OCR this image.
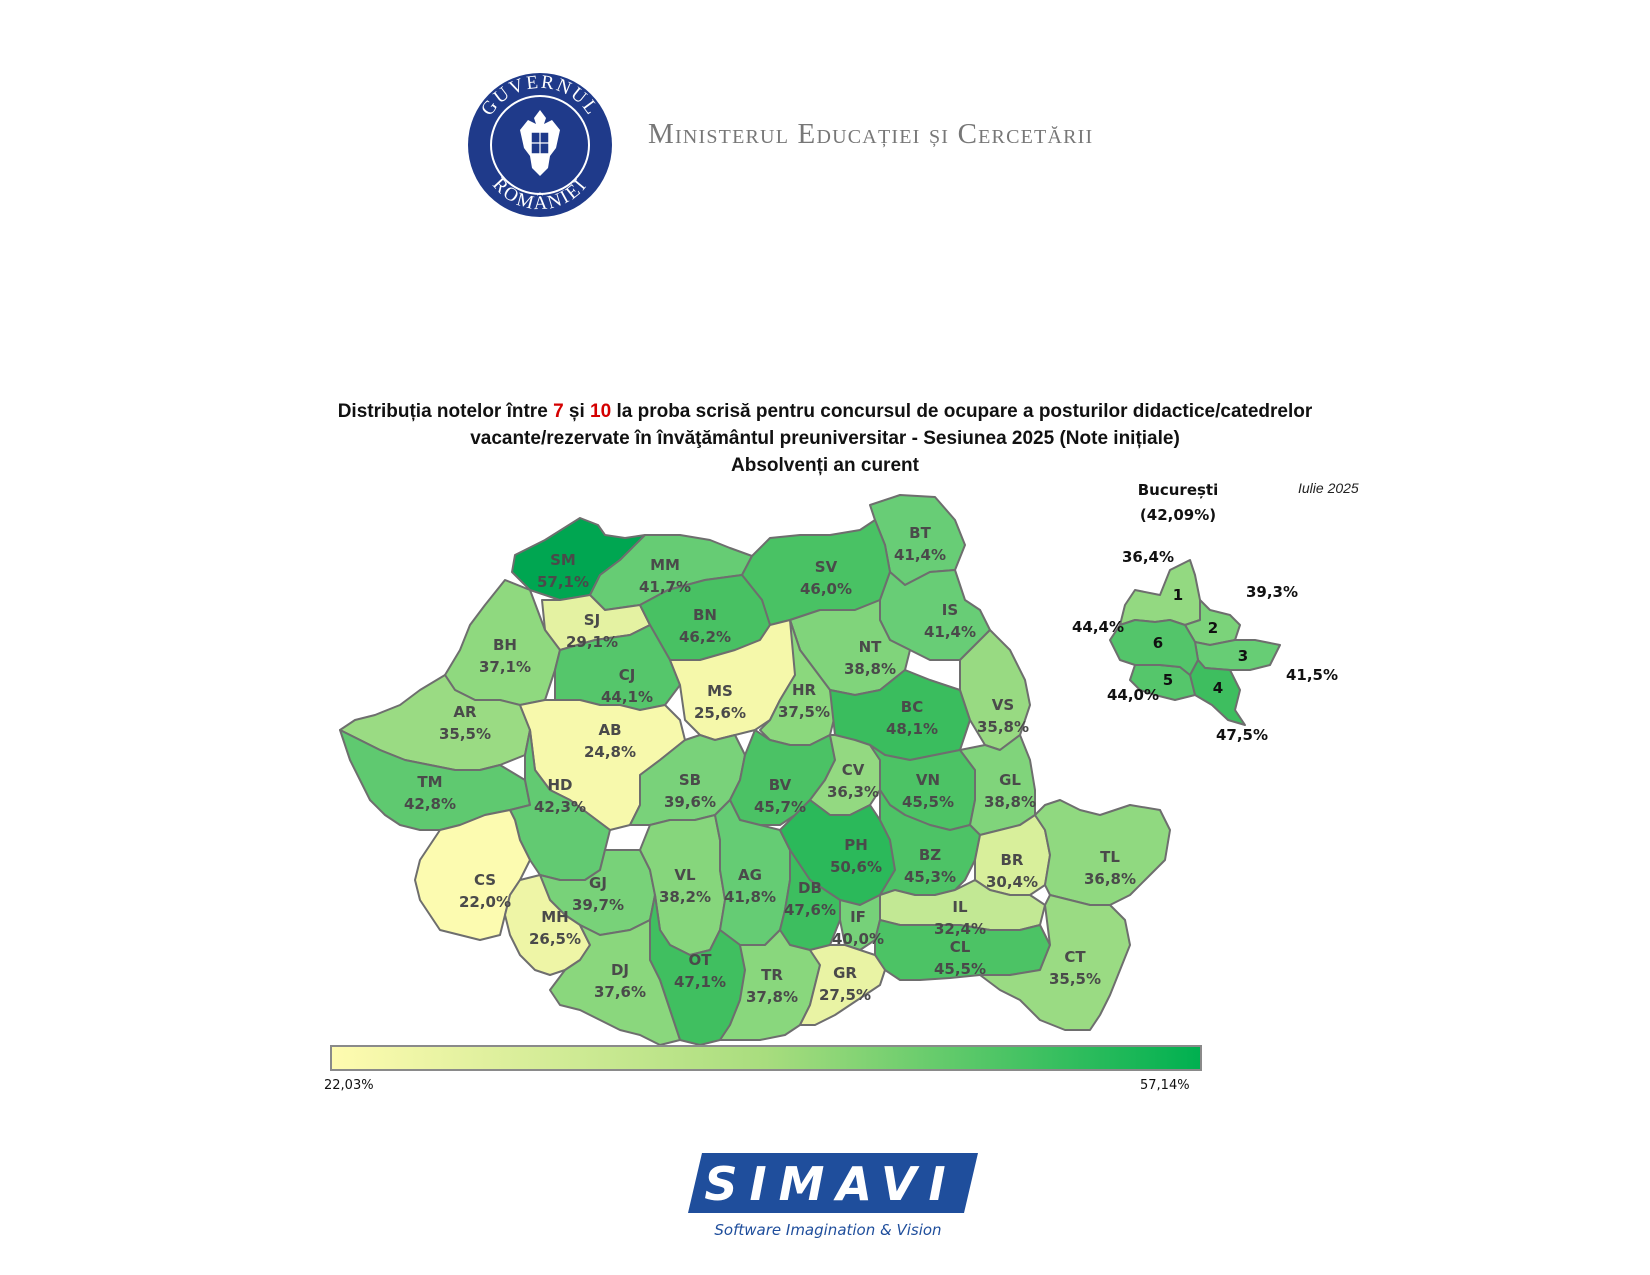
GUVERNUL
ROMÂNIEI
Ministerul Educației și Cercetării
Distribuția notelor între 7 și 10 la proba scrisă pentru concursul de ocupare a posturilor didactice/catedrelor
vacante/rezervate în învăţământul preuniversitar - Sesiunea 2025 (Note inițiale)
Absolvenți an curent
Iulie 2025
SM
57,1%
MM
41,7%
BT
41,4%
SV
46,0%
SJ
29,1%
BN
46,2%
IS
41,4%
BH
37,1%	CJ
44,1%
NT
38,8%
MS
25,6%
HR
37,5%	BC
48,1%
VS
35,8%
AR
35,5%	AB
24,8%
TM
42,8%
HD
42,3%
SB
39,6%
BV
45,7%
CV
36,3%
VN
45,5%
GL
38,8%
CS
22,0%
GJ
39,7%
VL
38,2%
AG
41,8%
PH
50,6%
BZ
45,3%
BR
30,4%
TL
36,8%
DB
47,6%
MH
26,5%
IL
32,4%
IF
40,0%
OT
47,1%
CL
45,5%
DJ
37,6%
TR
37,8%
GR
27,5%
CT
35,5%
1
36,4%
2
39,3%
3
41,5%
4
47,5%
5
44,0%
6
44,4%
București
(42,09%)
22,03%	57,14%
SIMAVI
Software Imagination & Vision
